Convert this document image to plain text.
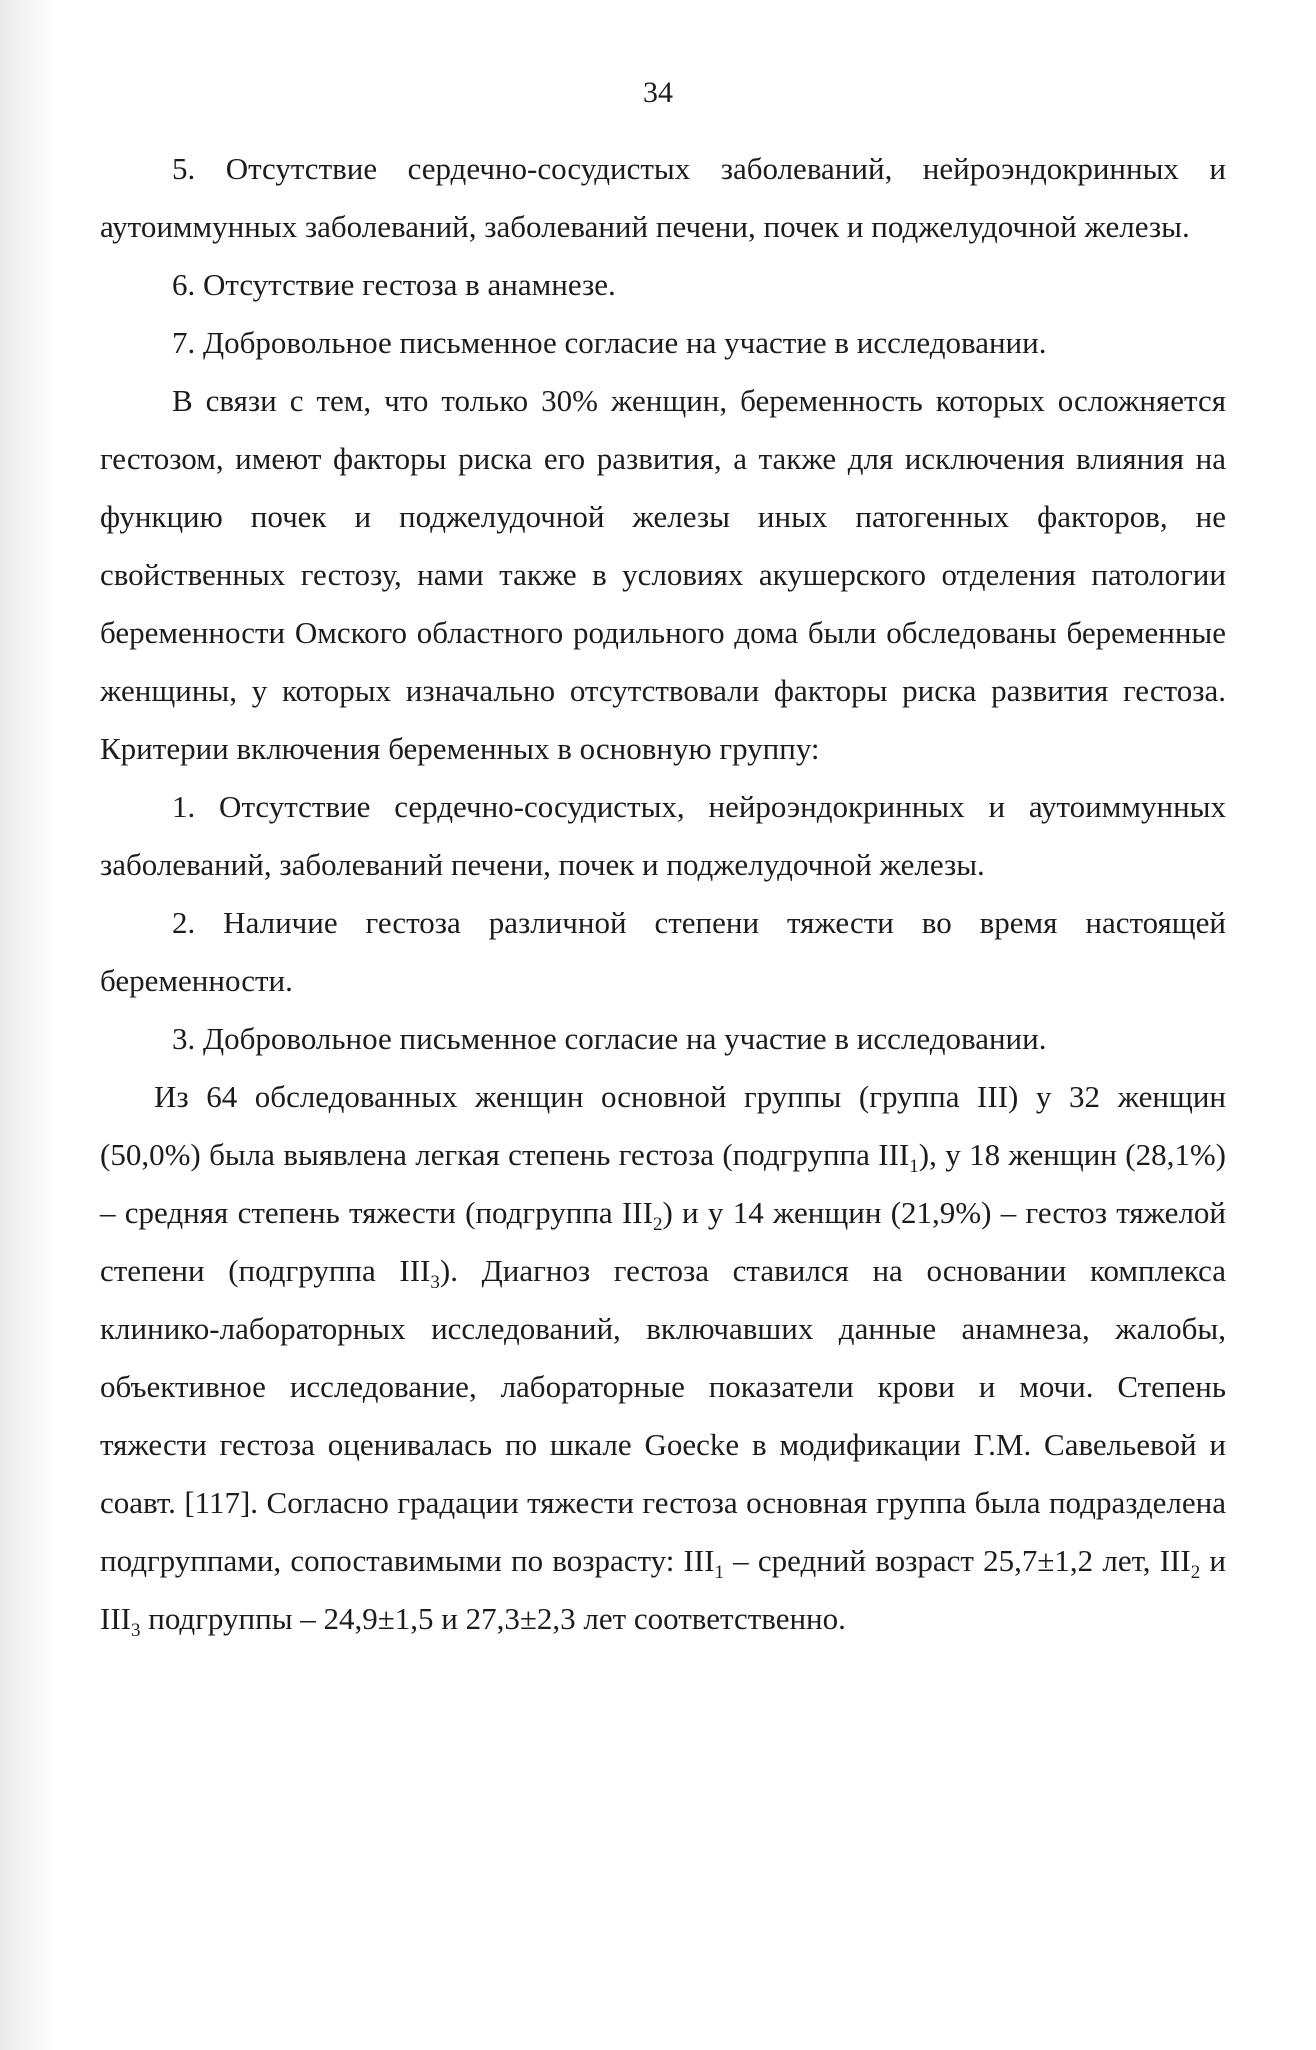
34

5. Отсутствие сердечно-сосудистых заболеваний, нейроэндокринных и аутоиммунных заболеваний, заболеваний печени, почек и поджелудочной железы.

6. Отсутствие гестоза в анамнезе.

7. Добровольное письменное согласие на участие в исследовании.

В связи с тем, что только 30% женщин, беременность которых осложняется гестозом, имеют факторы риска его развития, а также для исключения влияния на функцию почек и поджелудочной железы иных патогенных факторов, не свойственных гестозу, нами также в условиях акушерского отделения патологии беременности Омского областного родильного дома были обследованы беременные женщины, у которых изначально отсутствовали факторы риска развития гестоза. Критерии включения беременных в основную группу:

1. Отсутствие сердечно-сосудистых, нейроэндокринных и аутоиммунных заболеваний, заболеваний печени, почек и поджелудочной железы.

2. Наличие гестоза различной степени тяжести во время настоящей беременности.

3. Добровольное письменное согласие на участие в исследовании.

Из 64 обследованных женщин основной группы (группа III) у 32 женщин (50,0%) была выявлена легкая степень гестоза (подгруппа $III_1$), у 18 женщин (28,1%) – средняя степень тяжести (подгруппа $III_2$) и у 14 женщин (21,9%) – гестоз тяжелой степени (подгруппа $III_3$). Диагноз гестоза ставился на основании комплекса клинико-лабораторных исследований, включавших данные анамнеза, жалобы, объективное исследование, лабораторные показатели крови и мочи. Степень тяжести гестоза оценивалась по шкале Goecke в модификации Г.М. Савельевой и соавт. [117]. Согласно градации тяжести гестоза основная группа была подразделена подгруппами, сопоставимыми по возрасту: $III_1$ – средний возраст 25,7±1,2 лет, $III_2$ и $III_3$ подгруппы – 24,9±1,5 и 27,3±2,3 лет соответственно.
